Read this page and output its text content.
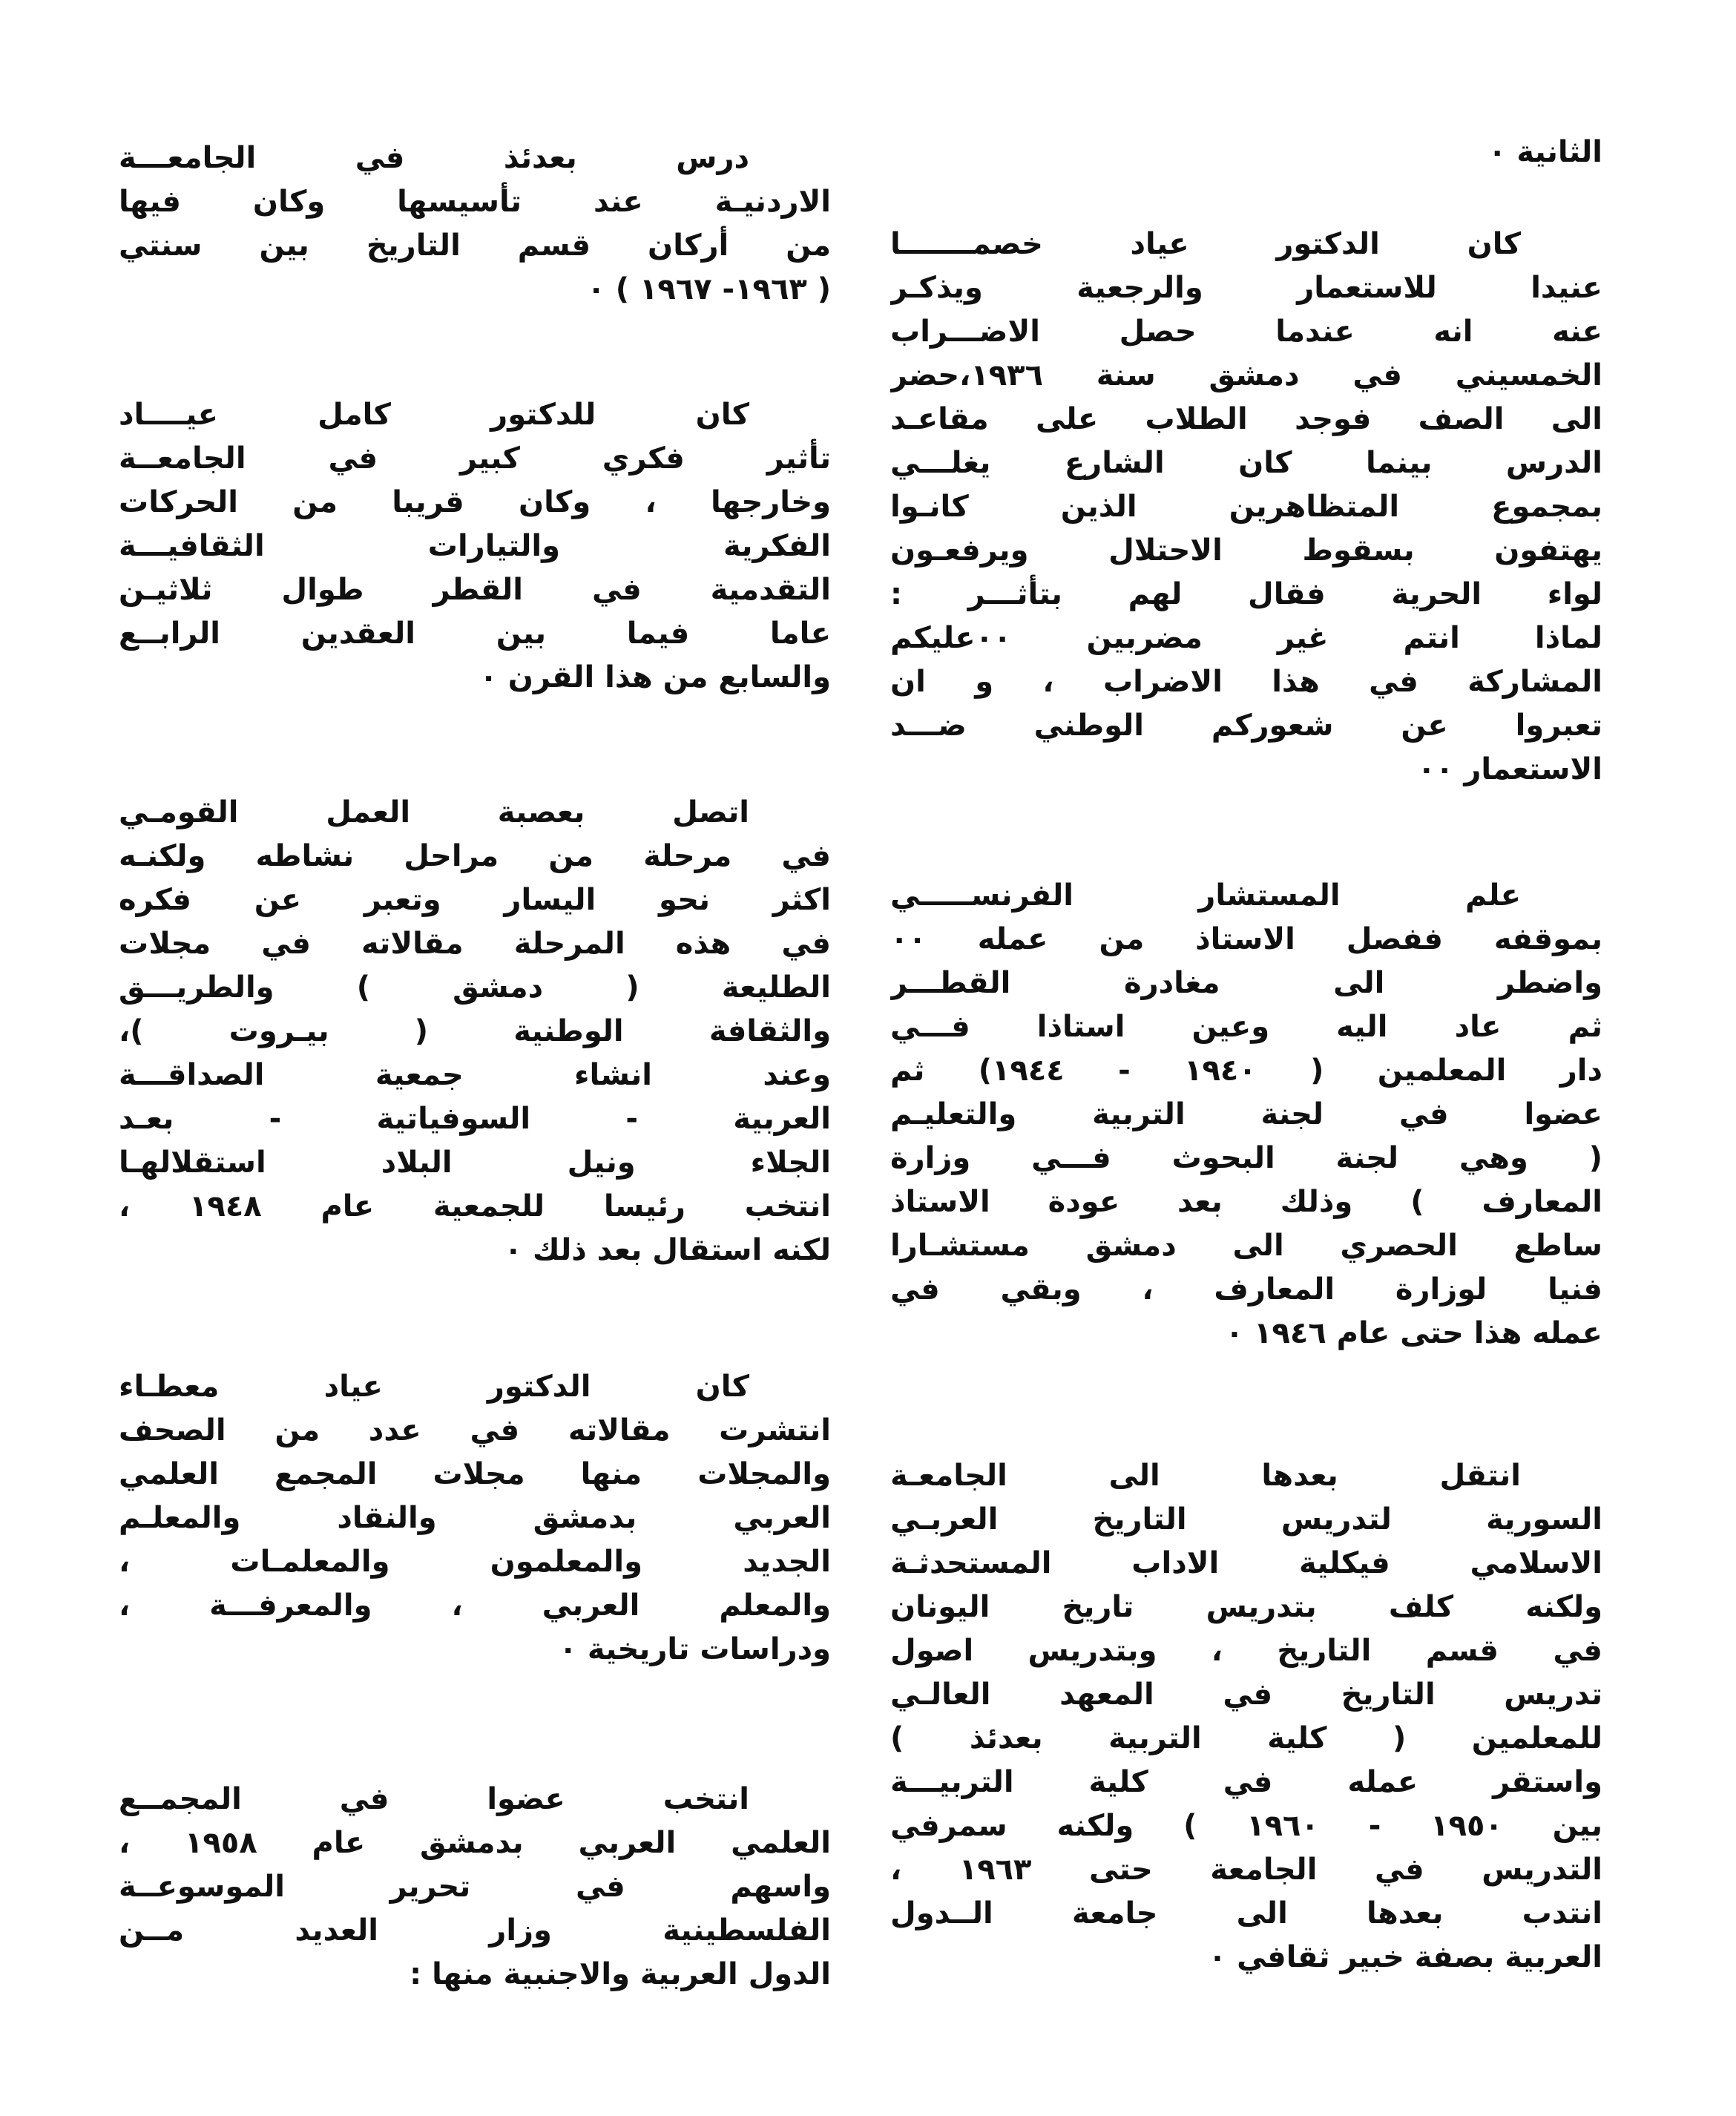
الثانية ٠
كان الدكتور عياد خصمـــــــا
عنيدا للاستعمار والرجعية ويذكـر
عنه انه عندما حصل الاضـــراب
الخمسيني في دمشق سنة ١٩٣٦،حضر
الى الصف فوجد الطلاب على مقاعـد
الدرس بينما كان الشارع يغلـــي
بمجموع المتظاهرين الذين كانـوا
يهتفون بسقوط الاحتلال ويرفعـون
لواء الحرية فقال لهم بتأثـــر :
لماذا انتم غير مضربين ٠٠عليكم
المشاركة في هذا الاضراب ، و ان
تعبروا عن شعوركم الوطني ضـــد
الاستعمار ٠٠
علم المستشار الفرنســـــي
بموقفه ففصل الاستاذ من عمله ٠٠
واضطر الى مغادرة القطـــر
ثم عاد اليه وعين استاذا فـــي
دار المعلمين ( ١٩٤٠ - ١٩٤٤) ثم
عضوا في لجنة التربية والتعليـم
( وهي لجنة البحوث فـــي وزارة
المعارف ) وذلك بعد عودة الاستاذ
ساطع الحصري الى دمشق مستشـارا
فنيا لوزارة المعارف ، وبقي في
عمله هذا حتى عام ١٩٤٦ ٠
انتقل بعدها الى الجامعـة
السورية لتدريس التاريخ العربـي
الاسلامي فيكلية الاداب المستحدثـة
ولكنه كلف بتدريس تاريخ اليونان
في قسم التاريخ ، وبتدريس اصول
تدريس التاريخ في المعهد العالـي
للمعلمين ( كلية التربية بعدئذ )
واستقر عمله في كلية التربيـــة
بين ١٩٥٠ - ١٩٦٠ ) ولكنه سمرفي
التدريس في الجامعة حتى ١٩٦٣ ،
انتدب بعدها الى جامعة الــدول
العربية بصفة خبير ثقافي ٠
درس بعدئذ في الجامعـــة
الاردنيـة عند تأسيسها وكان فيها
من أركان قسم التاريخ بين سنتي
( ١٩٦٣- ١٩٦٧ ) ٠
كان للدكتور كامل عيــــاد
تأثير فكري كبير في الجامعــة
وخارجها ، وكان قريبا من الحركات
الفكرية والتيارات الثقافيـــة
التقدمية في القطر طوال ثلاثيـن
عاما فيما بين العقدين الرابــع
والسابع من هذا القرن ٠
اتصل بعصبة العمل القومـي
في مرحلة من مراحل نشاطه ولكنـه
اكثر نحو اليسار وتعبر عن فكره
في هذه المرحلة مقالاته في مجلات
الطليعة ( دمشق ) والطريـــق
والثقافة الوطنية ( بيـروت )،
وعند انشاء جمعية الصداقـــة
العربية - السوفياتية - بعـد
الجلاء ونيل البلاد استقلالهـا
انتخب رئيسا للجمعية عام ١٩٤٨ ،
لكنه استقال بعد ذلك ٠
كان الدكتور عياد معطـاء
انتشرت مقالاته في عدد من الصحف
والمجلات منها مجلات المجمع العلمي
العربي بدمشق والنقاد والمعلـم
الجديد والمعلمون والمعلمـات ،
والمعلم العربي ، والمعرفـــة ،
ودراسات تاريخية ٠
انتخب عضوا في المجمــع
العلمي العربي بدمشق عام ١٩٥٨ ،
واسهم في تحرير الموسوعــة
الفلسطينية وزار العديد مــن
الدول العربية والاجنبية منها :
